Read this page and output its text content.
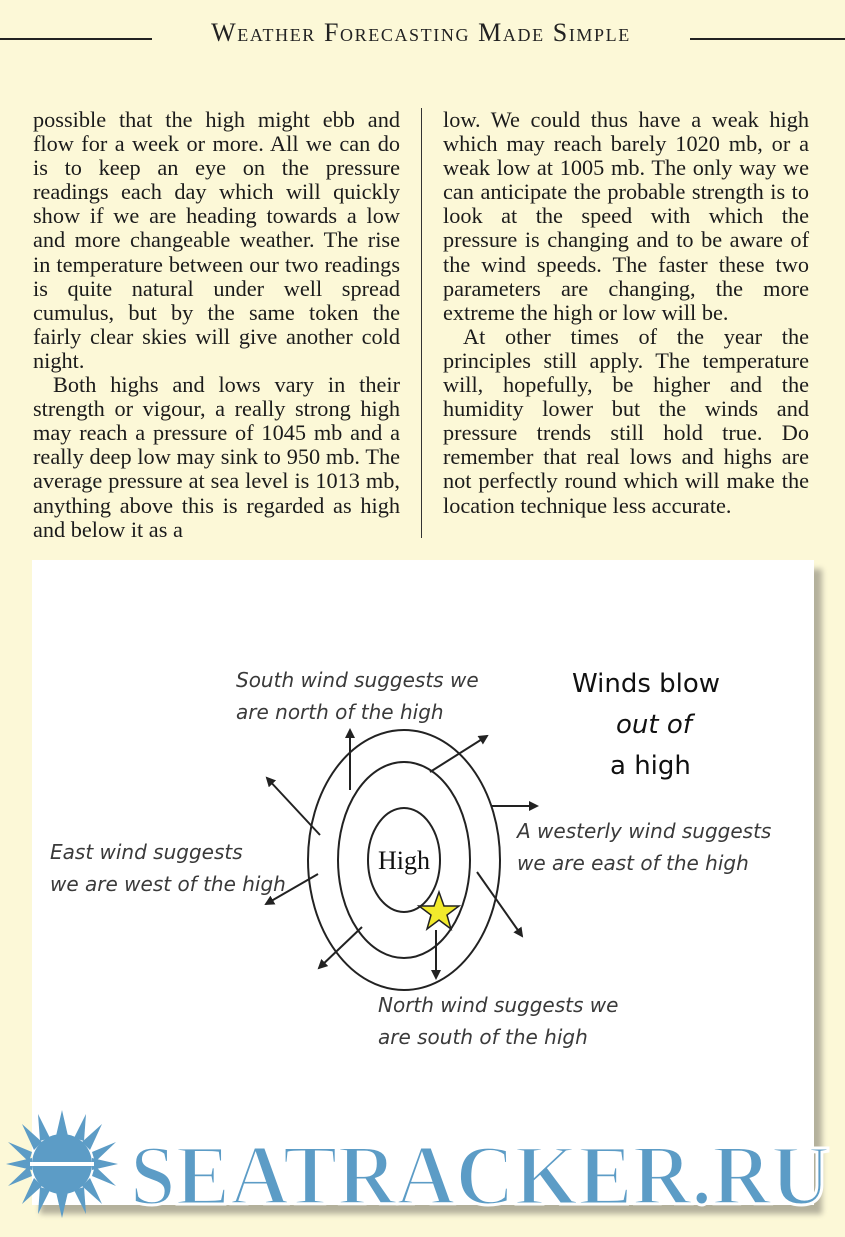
Weather Forecasting Made Simple

possible that the high might ebb and flow for a week or more. All we can do is to keep an eye on the pressure readings each day which will quickly show if we are heading towards a low and more changeable weather. The rise in temperature between our two readings is quite natural under well spread cumulus, but by the same token the fairly clear skies will give another cold night.

Both highs and lows vary in their strength or vigour, a really strong high may reach a pressure of 1045 mb and a really deep low may sink to 950 mb. The average pressure at sea level is 1013 mb, anything above this is regarded as high and below it as a

low. We could thus have a weak high which may reach barely 1020 mb, or a weak low at 1005 mb. The only way we can anticipate the probable strength is to look at the speed with which the pressure is changing and to be aware of the wind speeds. The faster these two parameters are changing, the more extreme the high or low will be.

At other times of the year the principles still apply. The temperature will, hopefully, be higher and the humidity lower but the winds and pressure trends still hold true. Do remember that real lows and highs are not perfectly round which will make the location technique less accurate.

High
South wind suggests we
are north of the high
East wind suggests
we are west of the high
A westerly wind suggests
we are east of the high
North wind suggests we
are south of the high
Winds blow
out of
a high
SEATRACKER.RU
